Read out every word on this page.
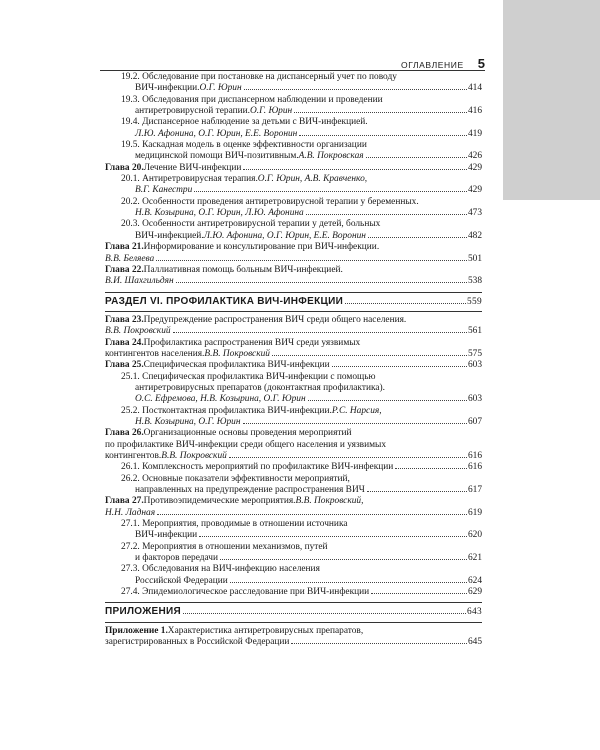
ОГЛАВЛЕНИЕ 5
19.2. Обследование при постановке на диспансерный учет по поводу
ВИЧ-инфекции. О.Г. Юрин	414
19.3. Обследования при диспансерном наблюдении и проведении
антиретровирусной терапии. О.Г. Юрин	416
19.4. Диспансерное наблюдение за детьми с ВИЧ-инфекцией.
Л.Ю. Афонина, О.Г. Юрин, Е.Е. Воронин	419
19.5. Каскадная модель в оценке эффективности организации
медицинской помощи ВИЧ-позитивным. А.В. Покровская	426
Глава 20. Лечение ВИЧ-инфекции	429
20.1. Антиретровирусная терапия. О.Г. Юрин, А.В. Кравченко,
В.Г. Канестри	429
20.2. Особенности проведения антиретровирусной терапии у беременных.
Н.В. Козырина, О.Г. Юрин, Л.Ю. Афонина	473
20.3. Особенности антиретровирусной терапии у детей, больных
ВИЧ-инфекцией. Л.Ю. Афонина, О.Г. Юрин, Е.Е. Воронин	482
Глава 21. Информирование и консультирование при ВИЧ-инфекции.
В.В. Беляева	501
Глава 22. Паллиативная помощь больным ВИЧ-инфекцией.
В.И. Шахгильдян	538
РАЗДЕЛ VI. ПРОФИЛАКТИКА ВИЧ-ИНФЕКЦИИ	559
Глава 23. Предупреждение распространения ВИЧ среди общего населения.
В.В. Покровский	561
Глава 24. Профилактика распространения ВИЧ среди уязвимых
контингентов населения. В.В. Покровский	575
Глава 25. Специфическая профилактика ВИЧ-инфекции	603
25.1. Специфическая профилактика ВИЧ-инфекции с помощью
антиретровирусных препаратов (доконтактная профилактика).
О.С. Ефремова, Н.В. Козырина, О.Г. Юрин	603
25.2. Постконтактная профилактика ВИЧ-инфекции. Р.С. Нарсия,
Н.В. Козырина, О.Г. Юрин	607
Глава 26. Организационные основы проведения мероприятий
по профилактике ВИЧ-инфекции среди общего населения и уязвимых
контингентов. В.В. Покровский	616
26.1. Комплексность мероприятий по профилактике ВИЧ-инфекции	616
26.2. Основные показатели эффективности мероприятий,
направленных на предупреждение распространения ВИЧ	617
Глава 27. Противоэпидемические мероприятия. В.В. Покровский,
Н.Н. Ладная	619
27.1. Мероприятия, проводимые в отношении источника
ВИЧ-инфекции	620
27.2. Мероприятия в отношении механизмов, путей
и факторов передачи	621
27.3. Обследования на ВИЧ-инфекцию населения
Российской Федерации	624
27.4. Эпидемиологическое расследование при ВИЧ-инфекции	629
ПРИЛОЖЕНИЯ	643
Приложение 1. Характеристика антиретровирусных препаратов,
зарегистрированных в Российской Федерации	645
